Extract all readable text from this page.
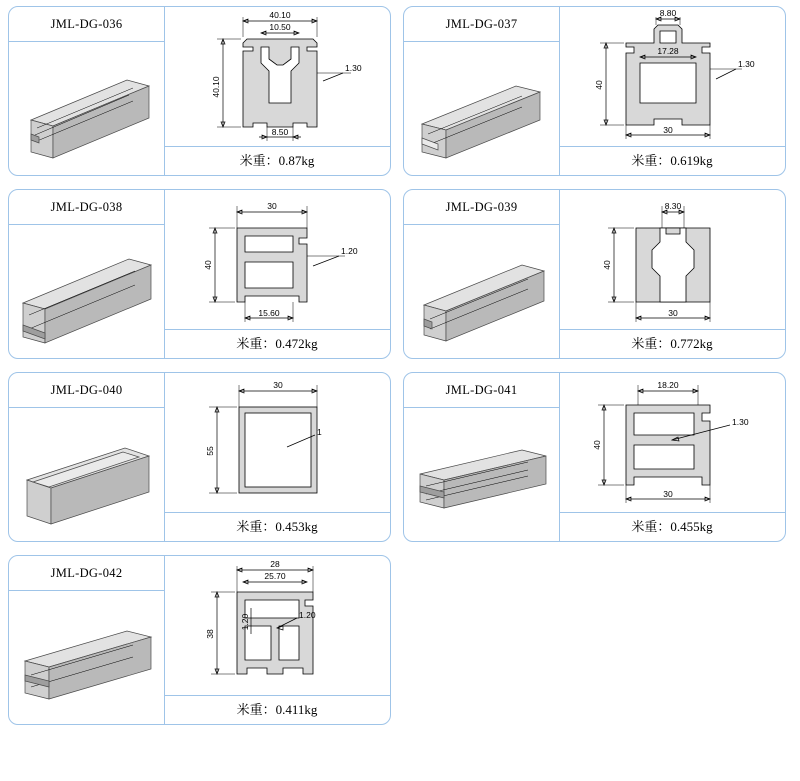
JML-DG-036
米重：0.87kg
40.10
10.50
40.10
1.30
8.50
JML-DG-037
米重：0.619kg
8.80
40
17.28
1.30
30
JML-DG-038
米重：0.472kg
30
40
1.20
15.60
JML-DG-039
米重：0.772kg
8.30
40
30
JML-DG-040
米重：0.453kg
30
55
1
JML-DG-041
米重：0.455kg
18.20
40
1.30
30
JML-DG-042
米重：0.411kg
28
25.70
38
1.20	1.20
